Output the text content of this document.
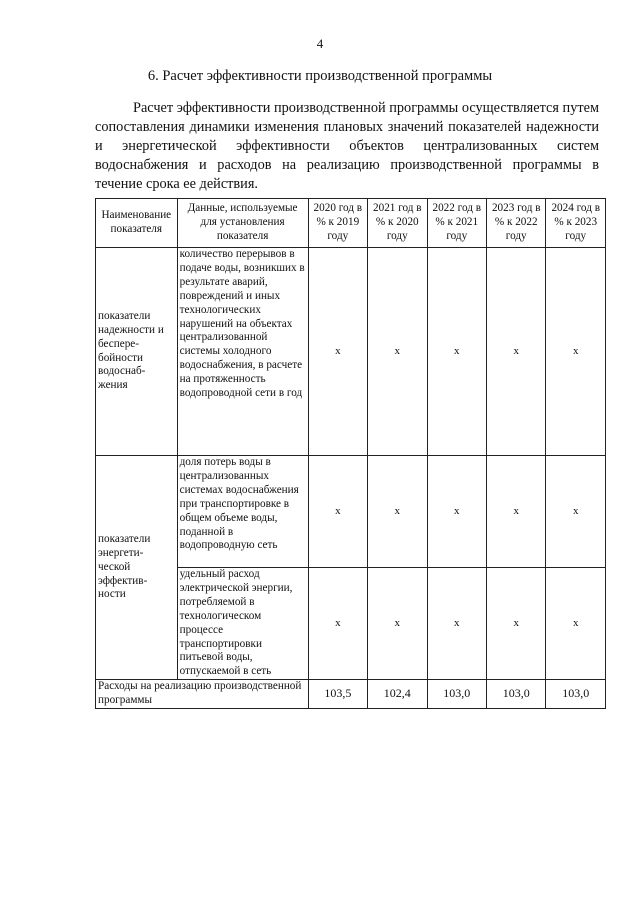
4
6. Расчет эффективности производственной программы
Расчет эффективности производственной программы осуществляется путем сопоставления динамики изменения плановых значений показателей надежности и энергетической эффективности объектов централизованных систем водоснабжения и расходов на реализацию производственной программы в течение срока ее действия.
Наименование показателя	Данные, используемые для установления показателя	2020 год в % к 2019 году	2021 год в % к 2020 году	2022 год в % к 2021 году	2023 год в % к 2022 году	2024 год в % к 2023 году
показатели надежности и беспере-бойности водоснаб-жения	количество перерывов в подаче воды, возникших в результате аварий, повреждений и иных технологических нарушений на объектах централизованной системы холодного водоснабжения, в расчете на протяженность водопроводной сети в год	х	х	х	х	х
показатели энергети-ческой эффектив-ности	доля потерь воды в централизованных системах водоснабжения при транспортировке в общем объеме воды, поданной в водопроводную сеть	х	х	х	х	х
	удельный расход электрической энергии, потребляемой в технологическом процессе транспортировки питьевой воды, отпускаемой в сеть	х	х	х	х	х
Расходы на реализацию производственной программы		103,5	102,4	103,0	103,0	103,0
